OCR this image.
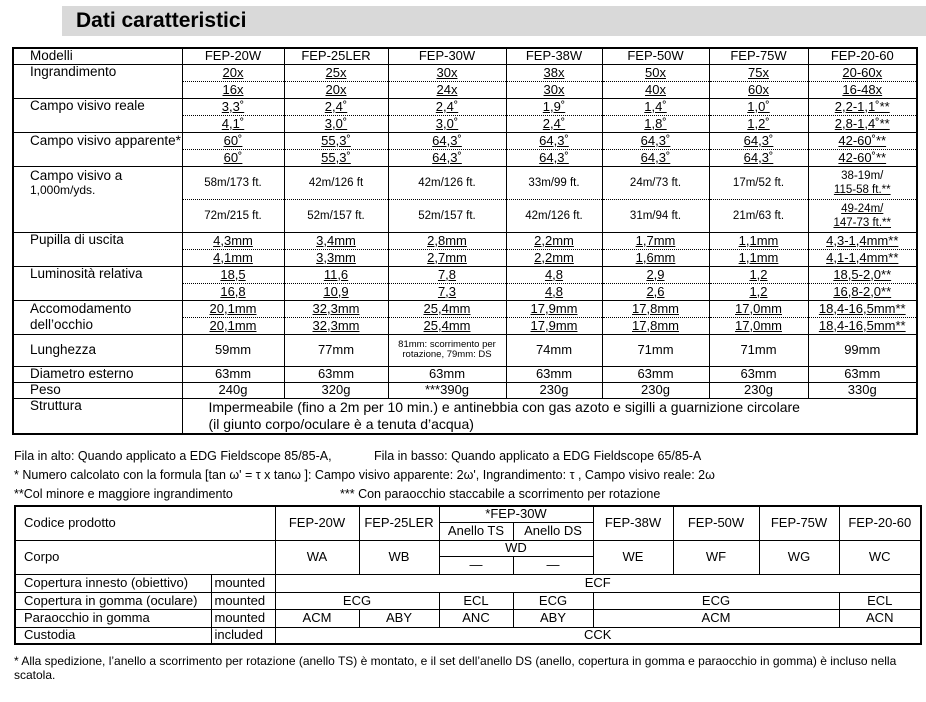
Dati caratteristici
Modelli	FEP-20W	FEP-25LER	FEP-30W	FEP-38W	FEP-50W	FEP-75W	FEP-20-60
Ingrandimento	20x	25x	30x	38x	50x	75x	20-60x
	16x	20x	24x	30x	40x	60x	16-48x
Campo visivo reale	3,3˚	2,4˚	2,4˚	1,9˚	1,4˚	1,0˚	2,2-1,1˚**
	4,1˚	3,0˚	3,0˚	2,4˚	1,8˚	1,2˚	2,8-1,4˚**
Campo visivo apparente*	60˚	55,3˚	64,3˚	64,3˚	64,3˚	64,3˚	42-60˚**
	60˚	55,3˚	64,3˚	64,3˚	64,3˚	64,3˚	42-60˚**
Campo visivo a
1,000m/yds.	58m/173 ft.	42m/126 ft	42m/126 ft.	33m/99 ft.	24m/73 ft.	17m/52 ft.	38-19m/
115-58 ft.**
	72m/215 ft.	52m/157 ft.	52m/157 ft.	42m/126 ft.	31m/94 ft.	21m/63 ft.	49-24m/
147-73 ft.**
Pupilla di uscita	4,3mm	3,4mm	2,8mm	2,2mm	1,7mm	1,1mm	4,3-1,4mm**
	4,1mm	3,3mm	2,7mm	2,2mm	1,6mm	1,1mm	4,1-1,4mm**
Luminosità relativa	18,5	11,6	7,8	4,8	2,9	1,2	18,5-2,0**
	16,8	10,9	7,3	4,8	2,6	1,2	16,8-2,0**
Accomodamento dell’occhio	20,1mm	32,3mm	25,4mm	17,9mm	17,8mm	17,0mm	18,4-16,5mm**
	20,1mm	32,3mm	25,4mm	17,9mm	17,8mm	17,0mm	18,4-16,5mm**
Lunghezza	59mm	77mm	81mm: scorrimento per rotazione, 79mm: DS	74mm	71mm	71mm	99mm
Diametro esterno	63mm	63mm	63mm	63mm	63mm	63mm	63mm
Peso	240g	320g	***390g	230g	230g	230g	330g
Struttura	Impermeabile (fino a 2m per 10 min.) e antinebbia con gas azoto e sigilli a guarnizione circolare
(il giunto corpo/oculare è a tenuta d’acqua)						
Fila in alto: Quando applicato a EDG Fieldscope 85/85-A,	Fila in basso: Quando applicato a EDG Fieldscope 65/85-A
* Numero calcolato con la formula [tan ω' = τ x tanω ]: Campo visivo apparente: 2ω', Ingrandimento: τ , Campo visivo reale: 2ω
**Col minore e maggiore ingrandimento	*** Con paraocchio staccabile a scorrimento per rotazione
Codice prodotto		FEP-20W	FEP-25LER	*FEP-30W		FEP-38W	FEP-50W	FEP-75W	FEP-20-60
				Anello TS	Anello DS				
Corpo		WA	WB	WD		WE	WF	WG	WC
				—	—				
Copertura innesto (obiettivo)	mounted	ECF							
Copertura in gomma (oculare)	mounted	ECG		ECL	ECG	ECG			ECL
Paraocchio in gomma	mounted	ACM	ABY	ANC	ABY	ACM			ACN
Custodia	included	CCK							
* Alla spedizione, l’anello a scorrimento per rotazione (anello TS) è montato, e il set dell’anello DS (anello, copertura in gomma e paraocchio in gomma) è incluso nella scatola.
